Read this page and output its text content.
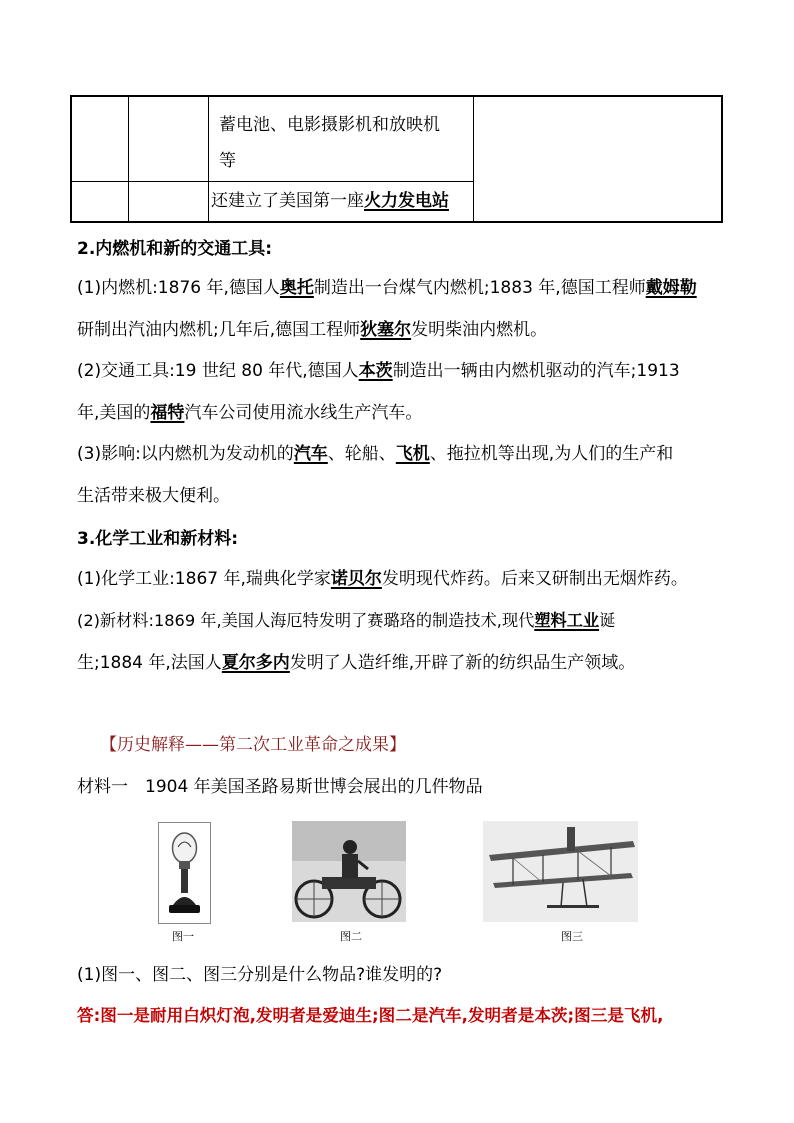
		蓄电池、电影摄影机和放映机
等	

		还建立了美国第一座火力发电站	
2.内燃机和新的交通工具:
(1)内燃机:1876 年,德国人奥托制造出一台煤气内燃机;1883 年,德国工程师戴姆勒
研制出汽油内燃机;几年后,德国工程师狄塞尔发明柴油内燃机。
(2)交通工具:19 世纪 80 年代,德国人本茨制造出一辆由内燃机驱动的汽车;1913
年,美国的福特汽车公司使用流水线生产汽车。
(3)影响:以内燃机为发动机的汽车、轮船、飞机、拖拉机等出现,为人们的生产和
生活带来极大便利。
3.化学工业和新材料:
(1)化学工业:1867 年,瑞典化学家诺贝尔发明现代炸药。后来又研制出无烟炸药。
(2)新材料:1869 年,美国人海厄特发明了赛璐珞的制造技术,现代塑料工业诞
生;1884 年,法国人夏尔多内发明了人造纤维,开辟了新的纺织品生产领域。
【历史解释——第二次工业革命之成果】
材料一　1904 年美国圣路易斯世博会展出的几件物品
图一	图二	图三
(1)图一、图二、图三分别是什么物品?谁发明的?
答:图一是耐用白炽灯泡,发明者是爱迪生;图二是汽车,发明者是本茨;图三是飞机,
